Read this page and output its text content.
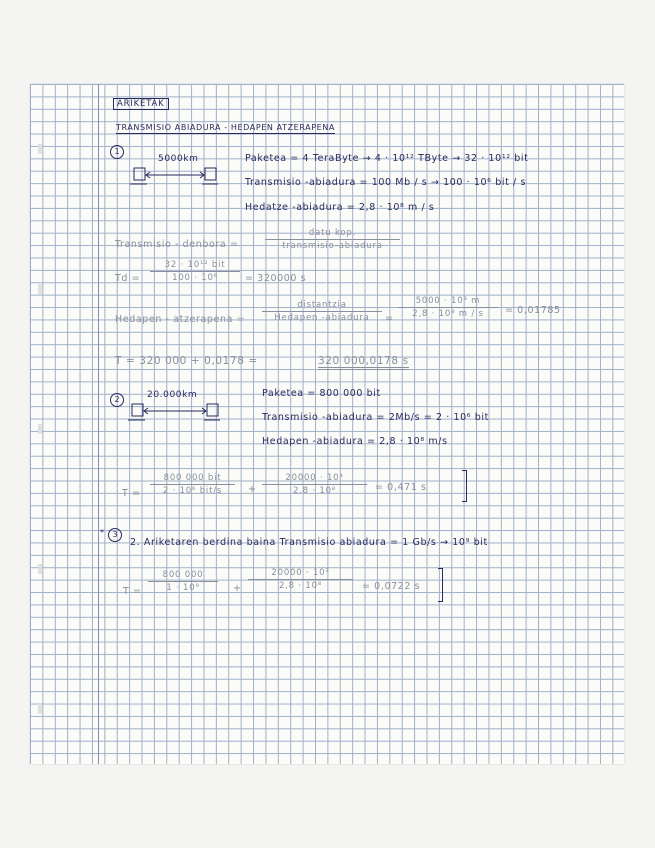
ARIKETAK
TRANSMISIO ABIADURA - HEDAPEN ATZERAPENA
1
5000km	Paketea = 4 TeraByte → 4 · 10¹² TByte → 32 · 10¹² bit
Transmisio -abiadura = 100 Mb / s → 100 · 10⁶ bit / s
Hedatze -abiadura = 2,8 · 10⁸ m / s
Transmisio - denbora =
datu kop.
transmisio-abiadura
Td =
32 · 10¹² bit
100 · 10⁶	= 320000 s
Hedapen - atzerapena =
distantzia
Hedapen -abiadura	=
5000 · 10³ m
2,8 · 10⁸ m / s	= 0,01785
T = 320 000 + 0,0178 =	320 000,0178 s
2	20.000km	Paketea = 800 000 bit
Transmisio -abiadura = 2Mb/s = 2 · 10⁶ bit
Hedapen -abiadura = 2,8 · 10⁸ m/s
T =
800 000 bit
2 · 10⁶ bit/s	+
20000 · 10³
2,8 · 10⁸	= 0,471 s
* 3
2. Ariketaren berdina baina Transmisio abiadura = 1 Gb/s → 10⁹ bit
T =
800 000
1 · 10⁹	+
20000 · 10³
2,8 · 10⁸	= 0,0722 s
